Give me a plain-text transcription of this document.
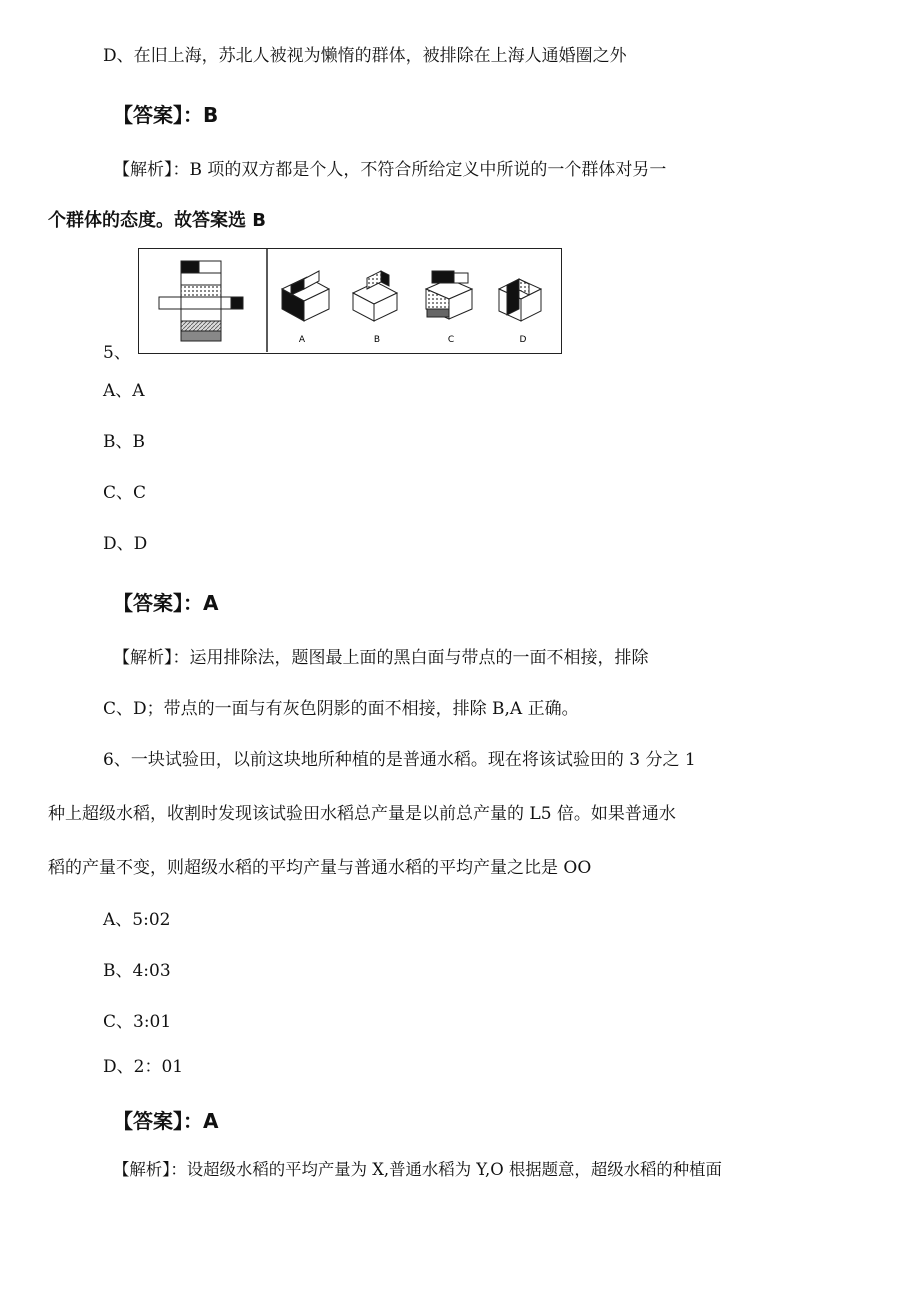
D、在旧上海，苏北人被视为懒惰的群体，被排除在上海人通婚圈之外
【答案】：B
【解析】：B 项的双方都是个人，不符合所给定义中所说的一个群体对另一
个群体的态度。故答案选 B
A	B	C	D
5、
A、A
B、B
C、C
D、D
【答案】：A
【解析】：运用排除法，题图最上面的黑白面与带点的一面不相接，排除
C、D；带点的一面与有灰色阴影的面不相接，排除 B,A 正确。
6、一块试验田，以前这块地所种植的是普通水稻。现在将该试验田的 3 分之 1
种上超级水稻，收割时发现该试验田水稻总产量是以前总产量的 L5 倍。如果普通水
稻的产量不变，则超级水稻的平均产量与普通水稻的平均产量之比是 OO
A、5:02
B、4:03
C、3:01
D、2：01
【答案】：A
【解析】：设超级水稻的平均产量为 X,普通水稻为 Y,O 根据题意，超级水稻的种植面
